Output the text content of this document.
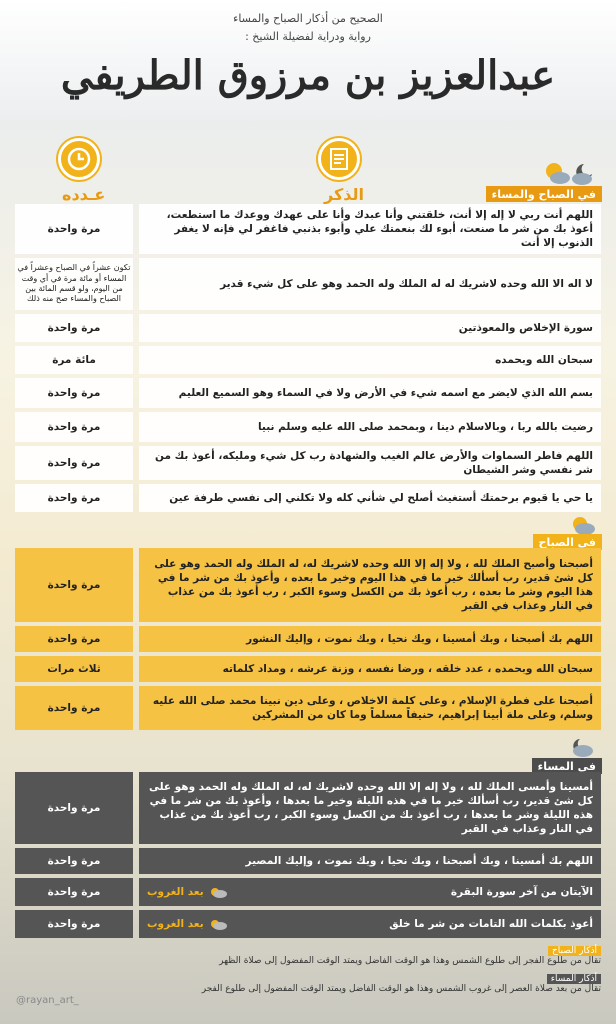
الصحيح من أذكار الصباح والمساء
رواية ودراية لفضيلة الشيخ :
عبدالعزيز بن مرزوق الطريفي
عـدده	الذكر	في الصباح والمساء
اللهم أنت ربي لا إله إلا أنت، خلقتني وأنا عبدك وأنا على عهدك ووعدك ما استطعت، أعوذ بك من شر ما صنعت، أبوء لك بنعمتك علي وأبوء بذنبي فاغفر لي فإنه لا يغفر الذنوب إلا أنت
مرة واحدة
لا اله الا الله وحده لاشريك له له الملك وله الحمد وهو على كل شيء قدير
تكون عشراً في الصباح وعشراً في المساء أو مائة مرة في أي وقت من اليوم، ولو قسم المائة بين الصباح والمساء صح منه ذلك
سورة الإخلاص والمعوذتين
مرة واحدة
سبحان الله وبحمده
مائة مرة
بسم الله الذي لايضر مع اسمه شيء في الأرض ولا في السماء وهو السميع العليم
مرة واحدة
رضيت بالله ربا ، وبالاسلام دينا ، وبمحمد صلى الله عليه وسلم نبيا
مرة واحدة
اللهم فاطر السماوات والأرض عالم الغيب والشهادة رب كل شيء ومليكه، أعوذ بك من شر نفسي وشر الشيطان
مرة واحدة
يا حي يا قيوم برحمتك أستغيث أصلح لي شأني كله ولا تكلني إلى نفسي طرفة عين
مرة واحدة
في الصباح
أصبحنا وأصبح الملك لله ، ولا إله إلا الله وحده لاشريك له، له الملك وله الحمد وهو على كل شئ قدير، رب أسألك خير ما في هذا اليوم وخير ما بعده ، وأعوذ بك من شر ما في هذا اليوم وشر ما بعده ، رب أعوذ بك من الكسل وسوء الكبر ، رب أعوذ بك من عذاب في النار وعذاب في القبر
مرة واحدة
اللهم بك أصبحنا ، وبك أمسينا ، وبك نحيا ، وبك نموت ، وإليك النشور
مرة واحدة
سبحان الله وبحمده ، عدد خلقه ، ورضا نفسه ، وزنة عرشه ، ومداد كلماته
ثلاث مرات
أصبحنا على فطرة الإسلام ، وعلى كلمة الاخلاص ، وعلى دين نبينا محمد صلى الله عليه وسلم، وعلى ملة أبينا إبراهيم، حنيفاً مسلماً وما كان من المشركين
مرة واحدة
في المساء
أمسينا وأمسى الملك لله ، ولا إله إلا الله وحده لاشريك له، له الملك وله الحمد وهو على كل شئ قدير، رب أسألك خير ما في هذه الليلة وخير ما بعدها ، وأعوذ بك من شر ما في هذه الليلة وشر ما بعدها ، رب أعوذ بك من الكسل وسوء الكبر ، رب أعوذ بك من عذاب في النار وعذاب في القبر
مرة واحدة
اللهم بك أمسينا ، وبك أصبحنا ، وبك نحيا ، وبك نموت ، وإليك المصير
مرة واحدة
الآيتان من آخر سورة البقرة
بعد الغروب
مرة واحدة
أعوذ بكلمات الله التامات من شر ما خلق
بعد الغروب
مرة واحدة
أذكار الصباح
تقال من طلوع الفجر إلى طلوع الشمس وهذا هو الوقت الفاضل ويمتد الوقت المفضول إلى صلاة الظهر
أذكار المساء
تقال من بعد صلاة العصر إلى غروب الشمس وهذا هو الوقت الفاضل ويمتد الوقت المفضول إلى طلوع الفجر
@rayan_art_
